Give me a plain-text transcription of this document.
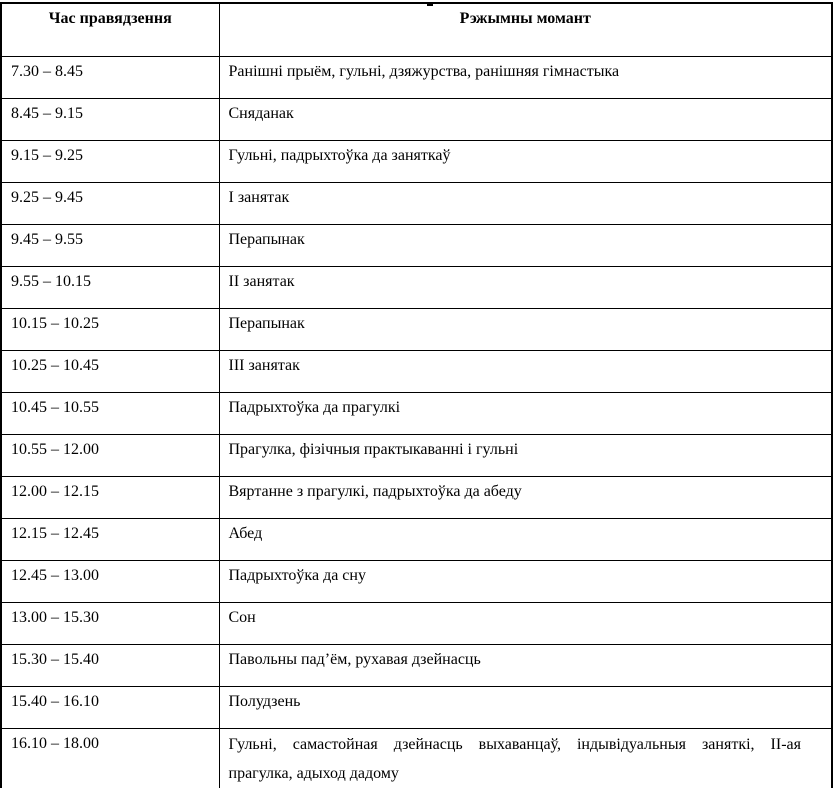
Час правядзення	Рэжымны момант
7.30 – 8.45	Ранішні прыём, гульні, дзяжурства, ранішняя гімнастыка
8.45 – 9.15	Сняданак
9.15 – 9.25	Гульні, падрыхтоўка да заняткаў
9.25 – 9.45	І занятак
9.45 – 9.55	Перапынак
9.55 – 10.15	ІІ занятак
10.15 – 10.25	Перапынак
10.25 – 10.45	ІІІ занятак
10.45 – 10.55	Падрыхтоўка да прагулкі
10.55 – 12.00	Прагулка, фізічныя практыкаванні і гульні
12.00 – 12.15	Вяртанне з прагулкі, падрыхтоўка да абеду
12.15 – 12.45	Абед
12.45 – 13.00	Падрыхтоўка да сну
13.00 – 15.30	Сон
15.30 – 15.40	Павольны пад’ём, рухавая дзейнасць
15.40 – 16.10	Полудзень
16.10 – 18.00	Гульні, самастойная дзейнасць выхаванцаў, індывідуальныя заняткі, ІІ-ая
прагулка, адыход дадому
